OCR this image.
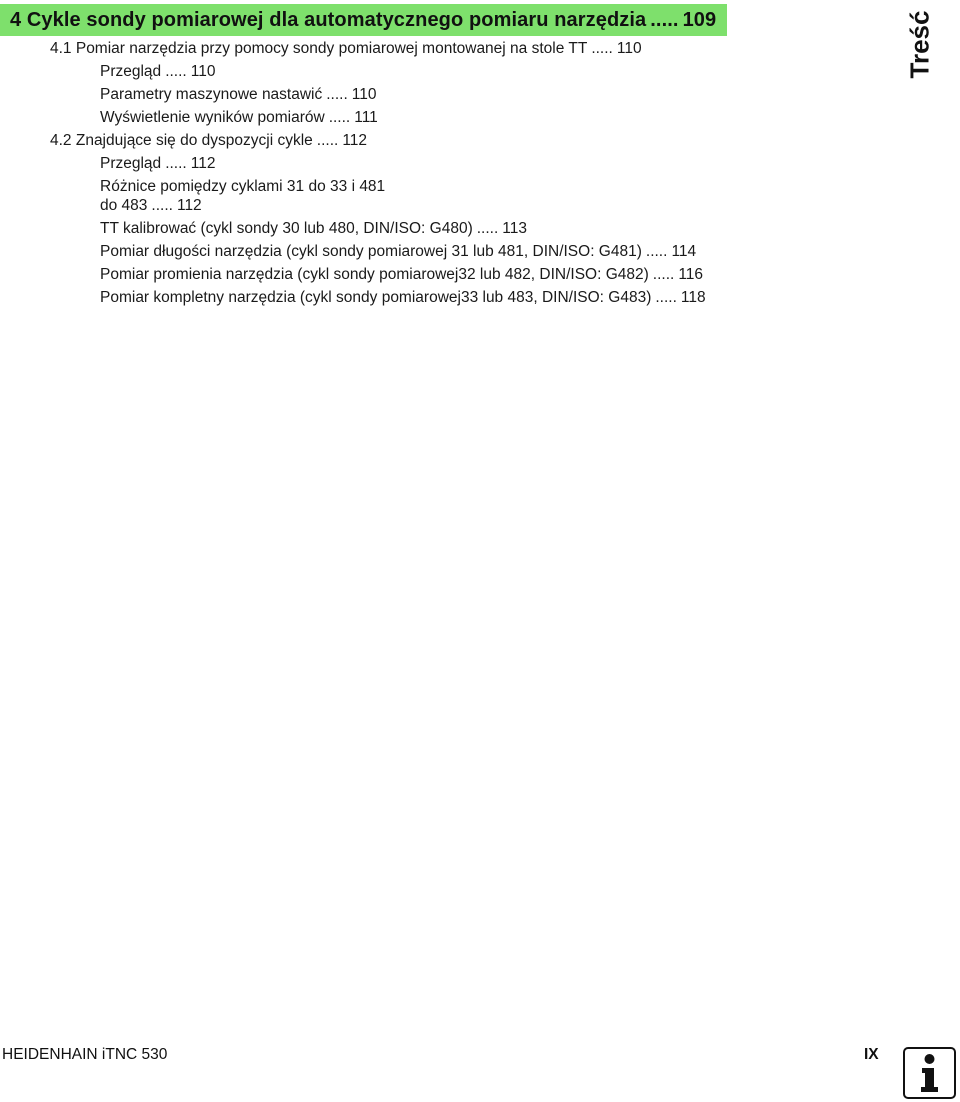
4 Cykle sondy pomiarowej dla automatycznego pomiaru narzędzia ..... 109	Treść
4.1 Pomiar narzędzia przy pomocy sondy pomiarowej montowanej na stole TT ..... 110
Przegląd ..... 110
Parametry maszynowe nastawić ..... 110
Wyświetlenie wyników pomiarów ..... 111
4.2 Znajdujące się do dyspozycji cykle ..... 112
Przegląd ..... 112
Różnice pomiędzy cyklami 31 do 33 i 481
do 483 ..... 112
TT kalibrować (cykl sondy 30 lub 480, DIN/ISO: G480) ..... 113
Pomiar długości narzędzia (cykl sondy pomiarowej 31 lub 481, DIN/ISO: G481) ..... 114
Pomiar promienia narzędzia (cykl sondy pomiarowej32 lub 482, DIN/ISO: G482) ..... 116
Pomiar kompletny narzędzia (cykl sondy pomiarowej33 lub 483, DIN/ISO: G483) ..... 118
HEIDENHAIN iTNC 530	IX
